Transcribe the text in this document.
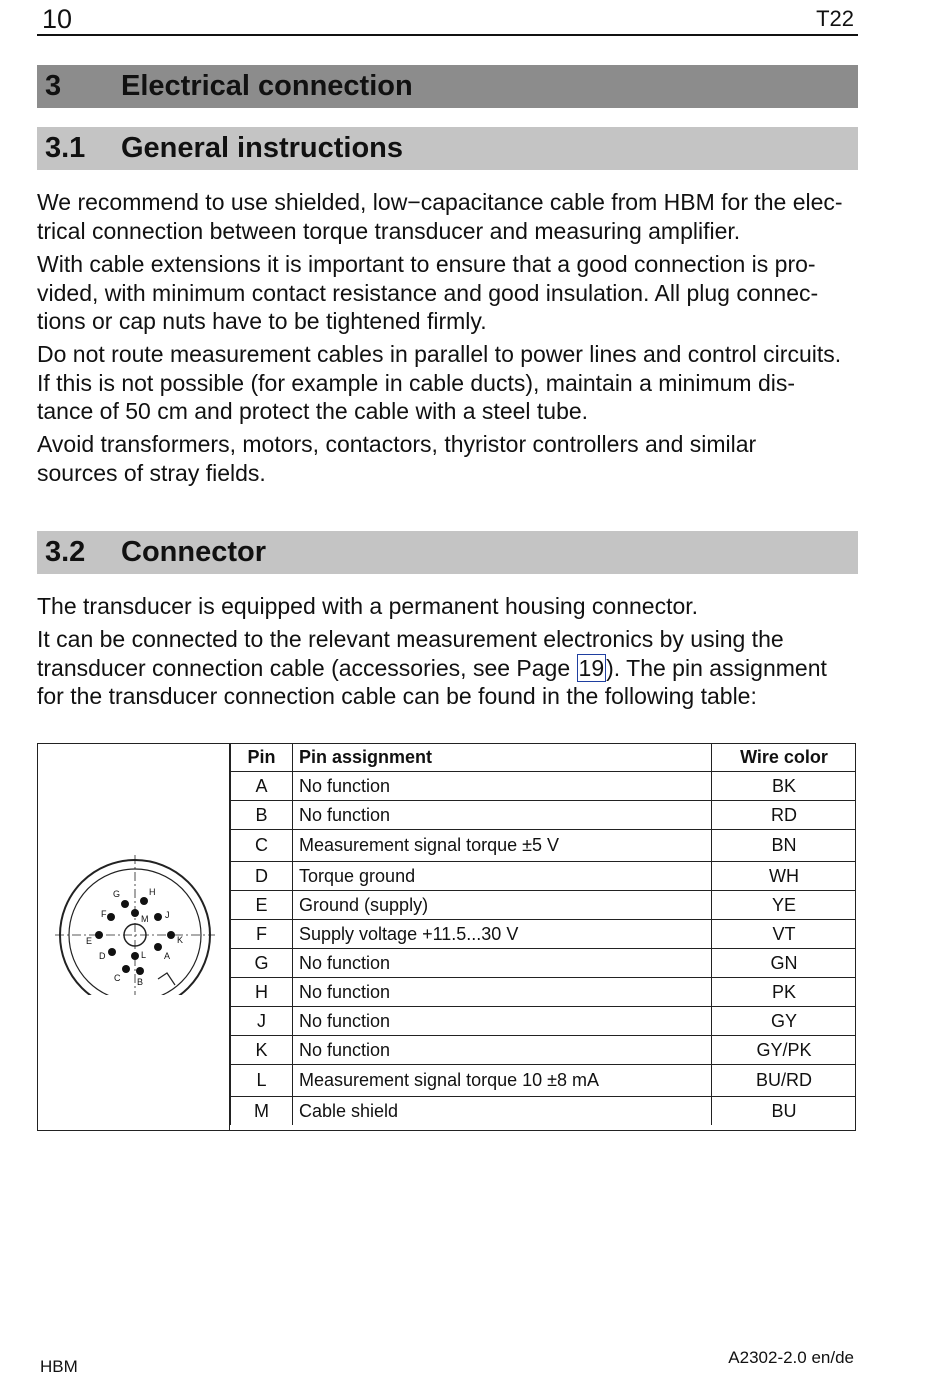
10	T22
3	Electrical connection
3.1	General instructions

We recommend to use shielded, low−capacitance cable from HBM for the elec-
trical connection between torque transducer and measuring amplifier.

With cable extensions it is important to ensure that a good connection is pro-
vided, with minimum contact resistance and good insulation. All plug connec-
tions or cap nuts have to be tightened firmly.

Do not route measurement cables in parallel to power lines and control circuits.
If this is not possible (for example in cable ducts), maintain a minimum dis-
tance of 50 cm and protect the cable with a steel tube.

Avoid transformers, motors, contactors, thyristor controllers and similar
sources of stray fields.

3.2	Connector

The transducer is equipped with a permanent housing connector.

It can be connected to the relevant measurement electronics by using the
transducer connection cable (accessories, see Page 19). The pin assignment
for the transducer connection cable can be found in the following table:

G	H
F	M J
E	K
D	L A
C B
Pin	Pin assignment	Wire color
A	No function	BK
B	No function	RD
C	Measurement signal torque ±5 V	BN
D	Torque ground	WH
E	Ground (supply)	YE
F	Supply voltage +11.5...30 V	VT
G	No function	GN
H	No function	PK
J	No function	GY
K	No function	GY/PK
L	Measurement signal torque 10 ±8 mA	BU/RD
M	Cable shield	BU
HBM	A2302-2.0 en/de
